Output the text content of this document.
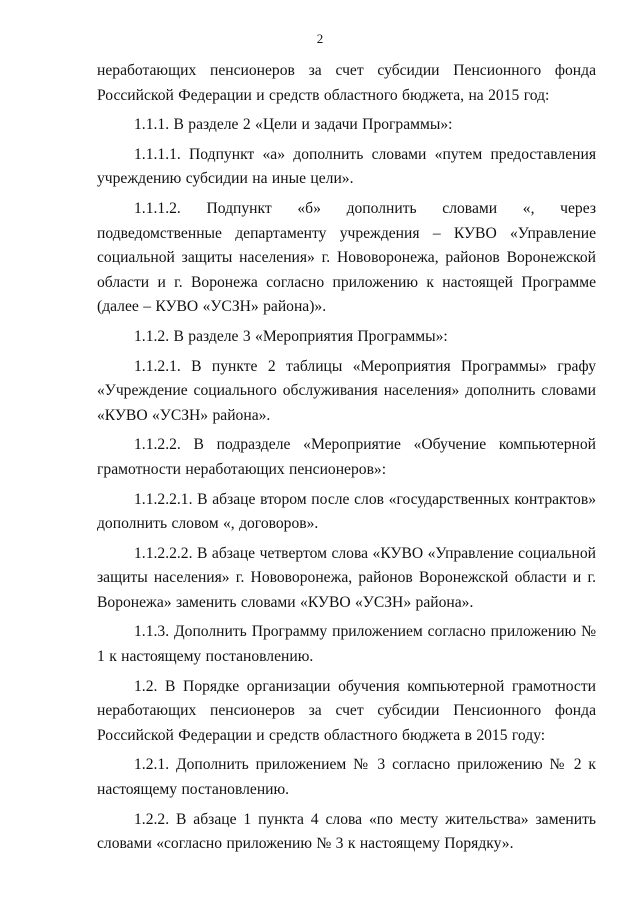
2

неработающих пенсионеров за счет субсидии Пенсионного фонда Российской Федерации и средств областного бюджета, на 2015 год:

1.1.1. В разделе 2 «Цели и задачи Программы»:

1.1.1.1. Подпункт «а» дополнить словами «путем предоставления учреждению субсидии на иные цели».

1.1.1.2. Подпункт «б» дополнить словами «, через подведомственные департаменту учреждения – КУВО «Управление социальной защиты населения» г. Нововоронежа, районов Воронежской области и г. Воронежа согласно приложению к настоящей Программе (далее – КУВО «УСЗН» района)».

1.1.2. В разделе 3 «Мероприятия Программы»:

1.1.2.1. В пункте 2 таблицы «Мероприятия Программы» графу «Учреждение социального обслуживания населения» дополнить словами «КУВО «УСЗН» района».

1.1.2.2. В подразделе «Мероприятие «Обучение компьютерной грамотности неработающих пенсионеров»:

1.1.2.2.1. В абзаце втором после слов «государственных контрактов» дополнить словом «, договоров».

1.1.2.2.2. В абзаце четвертом слова «КУВО «Управление социальной защиты населения» г. Нововоронежа, районов Воронежской области и г. Воронежа» заменить словами «КУВО «УСЗН» района».

1.1.3. Дополнить Программу приложением согласно приложению № 1 к настоящему постановлению.

1.2. В Порядке организации обучения компьютерной грамотности неработающих пенсионеров за счет субсидии Пенсионного фонда Российской Федерации и средств областного бюджета в 2015 году:

1.2.1. Дополнить приложением № 3 согласно приложению № 2 к настоящему постановлению.

1.2.2. В абзаце 1 пункта 4 слова «по месту жительства» заменить словами «согласно приложению № 3 к настоящему Порядку».
